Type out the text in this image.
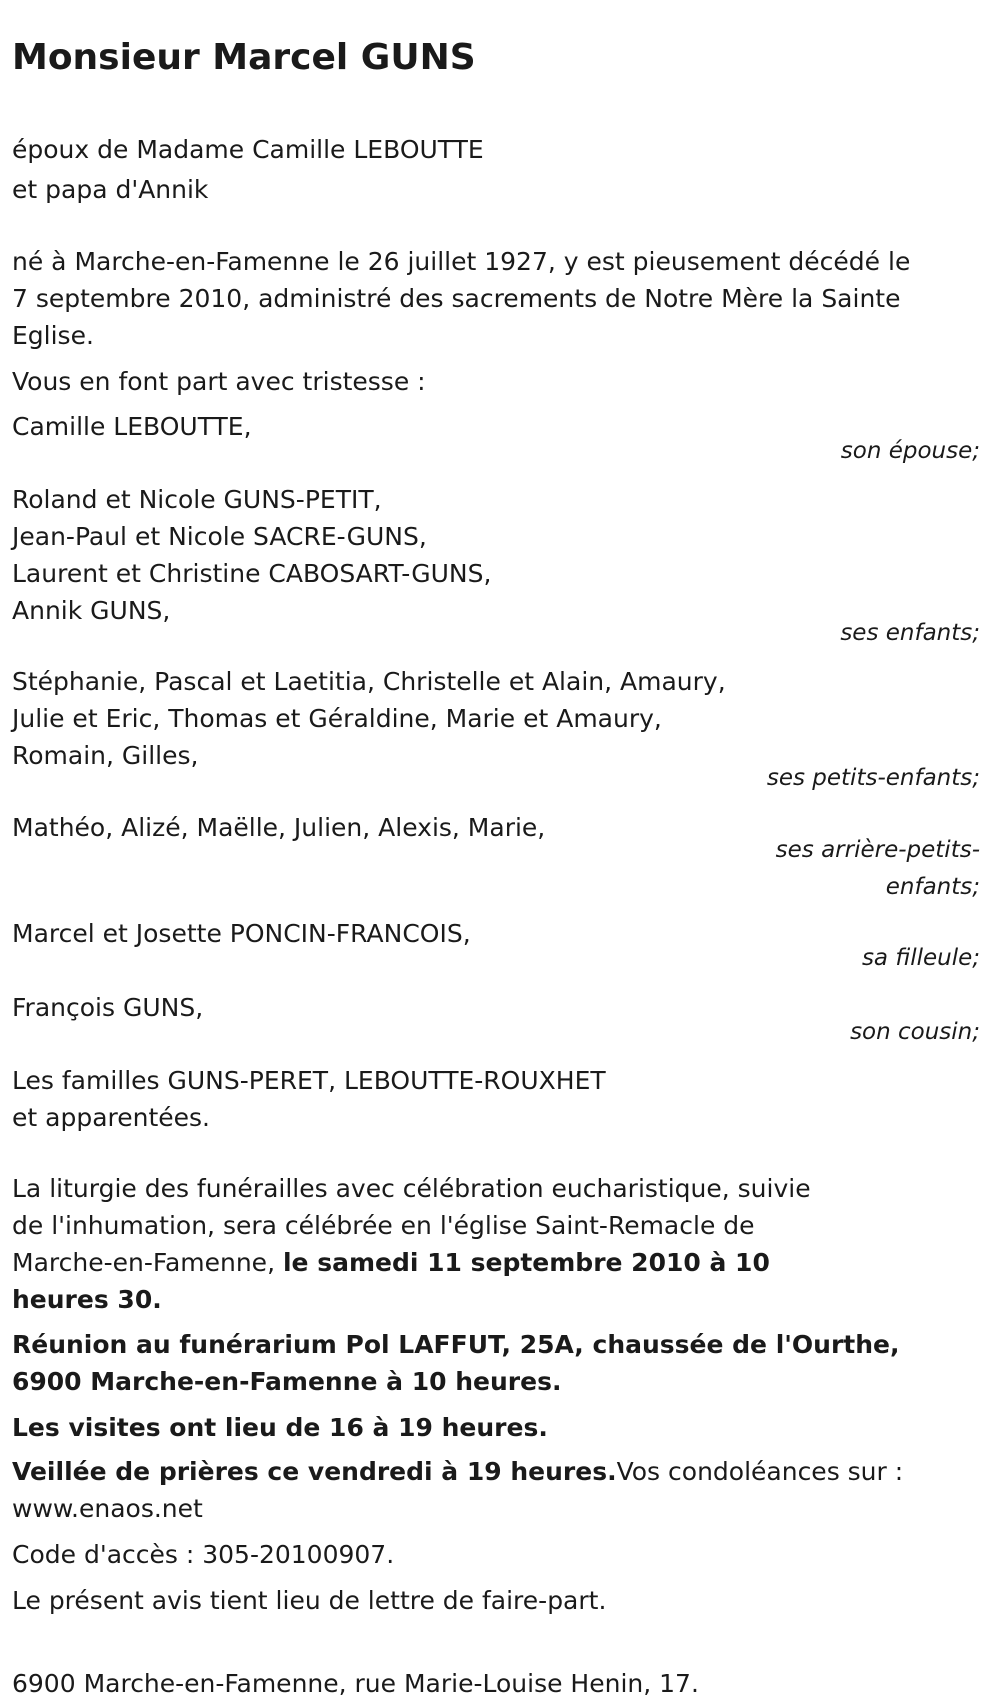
Monsieur Marcel GUNS
époux de Madame Camille LEBOUTTE
et papa d'Annik
né à Marche-en-Famenne le 26 juillet 1927, y est pieusement décédé le 7 septembre 2010, administré des sacrements de Notre Mère la Sainte Eglise.
Vous en font part avec tristesse :
Camille LEBOUTTE,
son épouse;
Roland et Nicole GUNS-PETIT,
Jean-Paul et Nicole SACRE-GUNS,
Laurent et Christine CABOSART-GUNS,
Annik GUNS,
ses enfants;
Stéphanie, Pascal et Laetitia, Christelle et Alain, Amaury,
Julie et Eric, Thomas et Géraldine, Marie et Amaury,
Romain, Gilles,
ses petits-enfants;
Mathéo, Alizé, Maëlle, Julien, Alexis, Marie,
ses arrière-petits-enfants;
Marcel et Josette PONCIN-FRANCOIS,
sa filleule;
François GUNS,
son cousin;
Les familles GUNS-PERET, LEBOUTTE-ROUXHET
et apparentées.
La liturgie des funérailles avec célébration eucharistique, suivie de l'inhumation, sera célébrée en l'église Saint-Remacle de Marche-en-Famenne, le samedi 11 septembre 2010 à 10 heures 30.
Réunion au funérarium Pol LAFFUT, 25A, chaussée de l'Ourthe, 6900 Marche-en-Famenne à 10 heures.
Les visites ont lieu de 16 à 19 heures.
Veillée de prières ce vendredi à 19 heures.Vos condoléances sur : www.enaos.net
Code d'accès : 305-20100907.
Le présent avis tient lieu de lettre de faire-part.
6900 Marche-en-Famenne, rue Marie-Louise Henin, 17.
